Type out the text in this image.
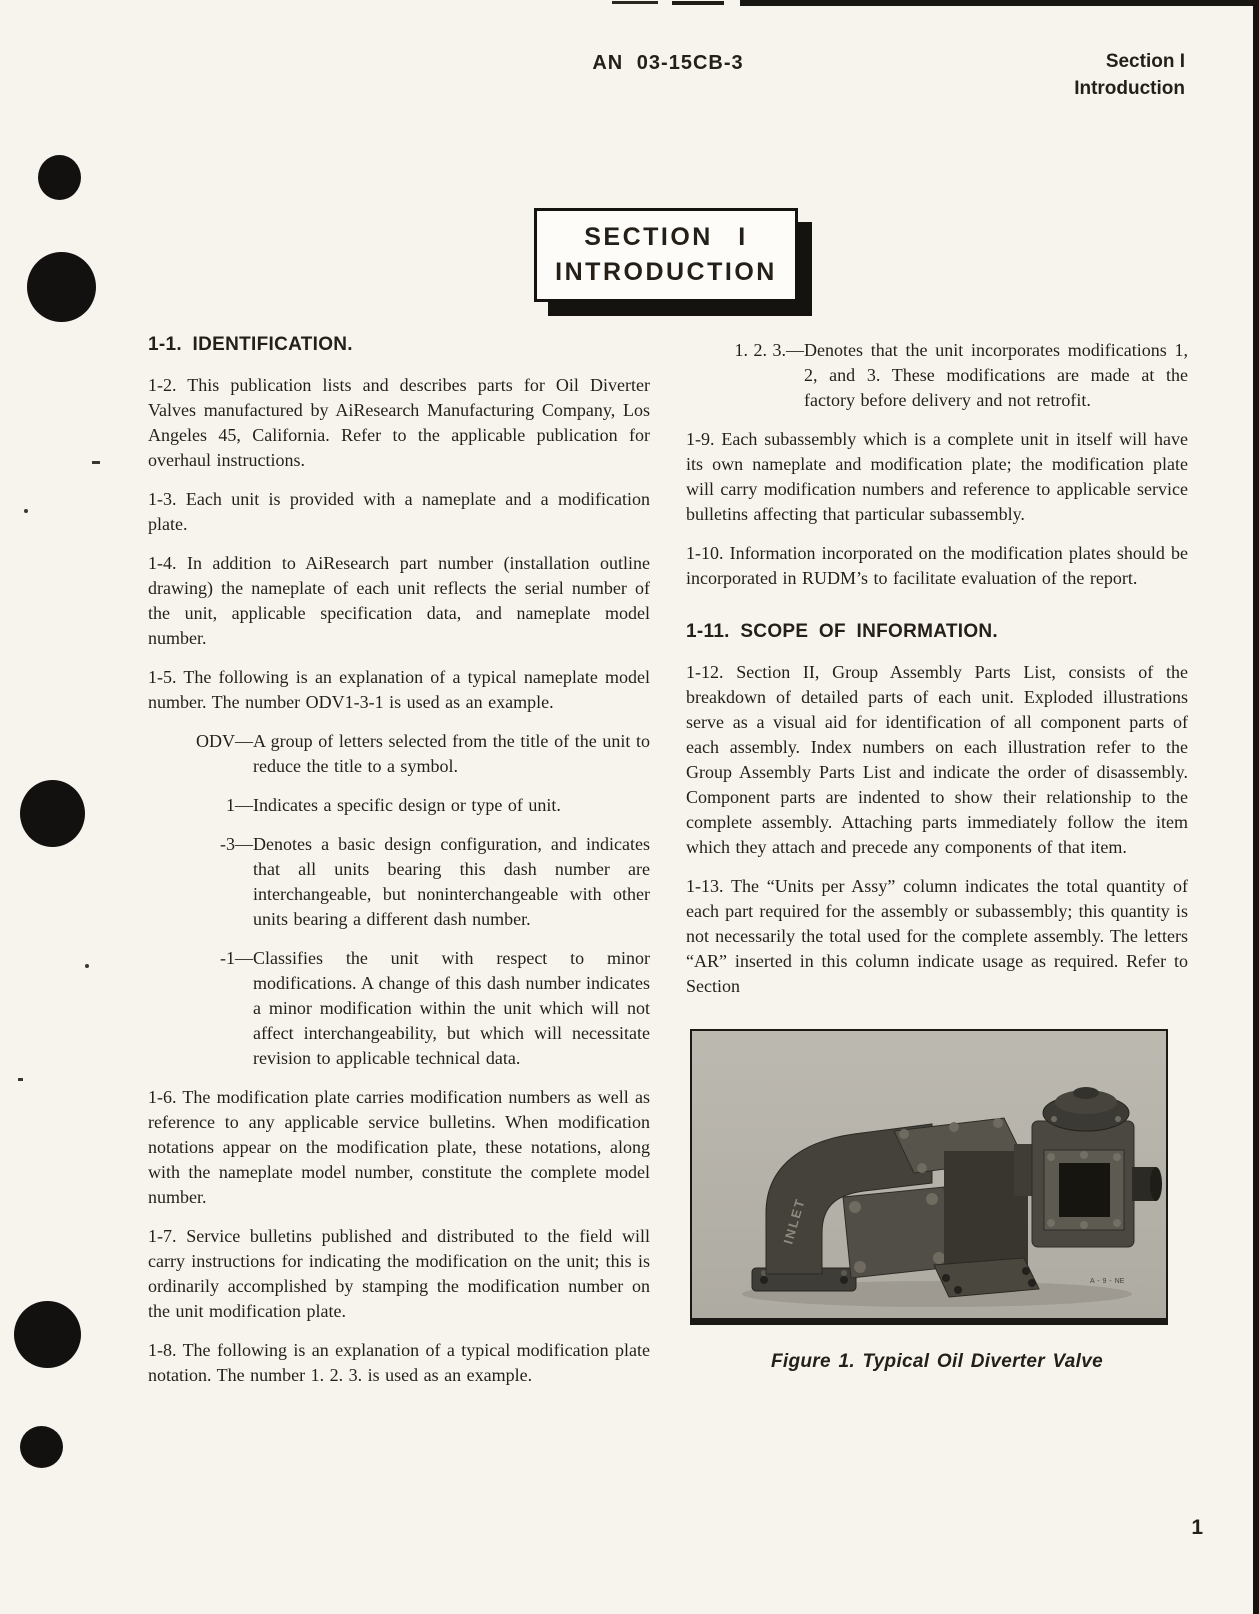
AN 03-15CB-3	Section I
Introduction
SECTION I
INTRODUCTION
1-1. IDENTIFICATION.

1-2. This publication lists and describes parts for Oil Diverter Valves manufactured by AiResearch Manufacturing Company, Los Angeles 45, California. Refer to the applicable publication for overhaul instructions.

1-3. Each unit is provided with a nameplate and a modification plate.

1-4. In addition to AiResearch part number (installation outline drawing) the nameplate of each unit reflects the serial number of the unit, applicable specification data, and nameplate model number.

1-5. The following is an explanation of a typical nameplate model number. The number ODV1-3-1 is used as an example.

ODV— A group of letters selected from the title of the unit to reduce the title to a symbol.
1— Indicates a specific design or type of unit.
-3— Denotes a basic design configuration, and indicates that all units bearing this dash number are interchangeable, but noninterchangeable with other units bearing a different dash number.
-1— Classifies the unit with respect to minor modifications. A change of this dash number indicates a minor modification within the unit which will not affect interchangeability, but which will necessitate revision to applicable technical data.

1-6. The modification plate carries modification numbers as well as reference to any applicable service bulletins. When modification notations appear on the modification plate, these notations, along with the nameplate model number, constitute the complete model number.

1-7. Service bulletins published and distributed to the field will carry instructions for indicating the modification on the unit; this is ordinarily accomplished by stamping the modification number on the unit modification plate.

1-8. The following is an explanation of a typical modification plate notation. The number 1. 2. 3. is used as an example.

1. 2. 3.— Denotes that the unit incorporates modifications 1, 2, and 3. These modifications are made at the factory before delivery and not retrofit.

1-9. Each subassembly which is a complete unit in itself will have its own nameplate and modification plate; the modification plate will carry modification numbers and reference to applicable service bulletins affecting that particular subassembly.

1-10. Information incorporated on the modification plates should be incorporated in RUDM’s to facilitate evaluation of the report.

1-11. SCOPE OF INFORMATION.

1-12. Section II, Group Assembly Parts List, consists of the breakdown of detailed parts of each unit. Exploded illustrations serve as a visual aid for identification of all component parts of each assembly. Index numbers on each illustration refer to the Group Assembly Parts List and indicate the order of disassembly. Component parts are indented to show their relationship to the complete assembly. Attaching parts immediately follow the item which they attach and precede any components of that item.

1-13. The “Units per Assy” column indicates the total quantity of each part required for the assembly or subassembly; this quantity is not necessarily the total used for the complete assembly. The letters “AR” inserted in this column indicate usage as required. Refer to Section

INLET
A - 9 - NE
Figure 1. Typical Oil Diverter Valve
1
